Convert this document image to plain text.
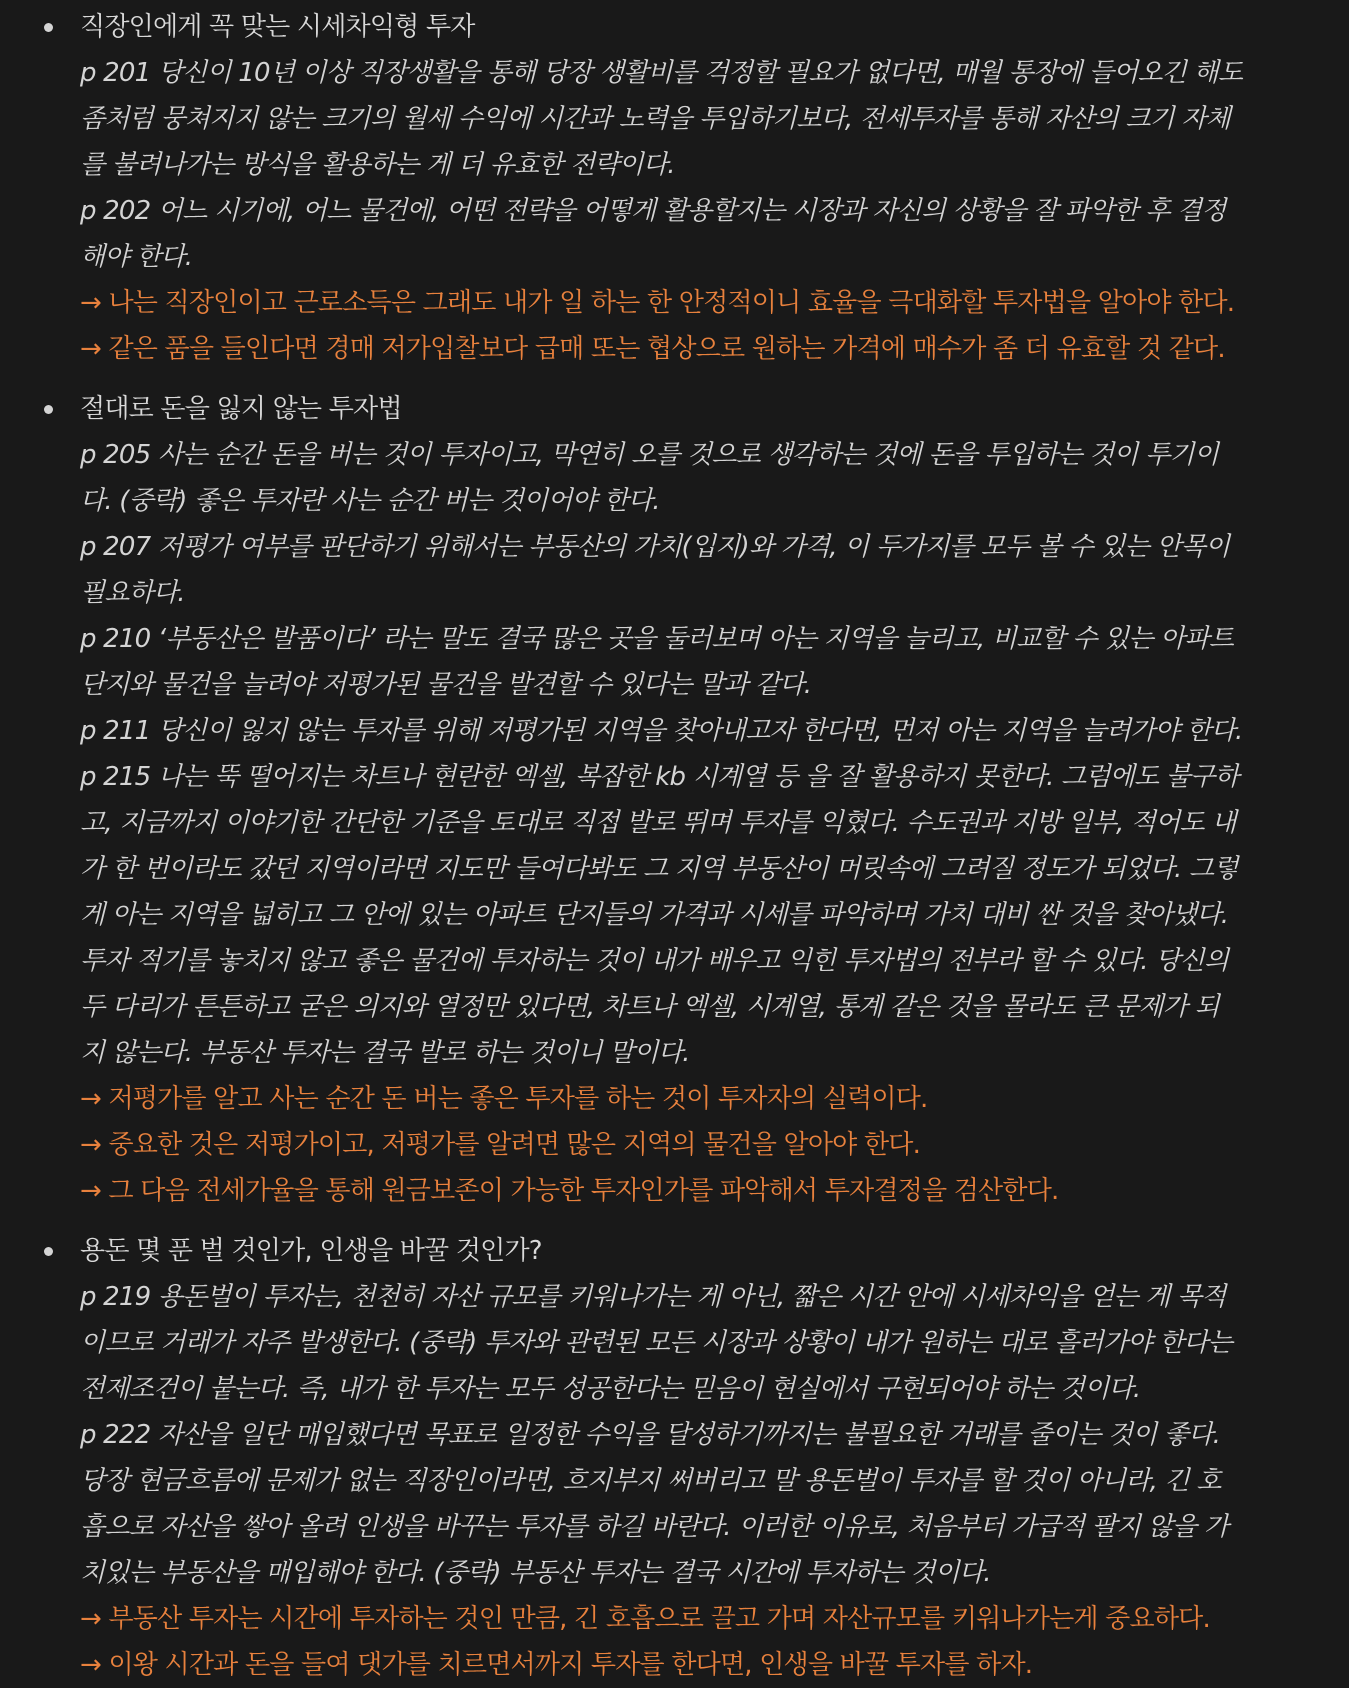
직장인에게 꼭 맞는 시세차익형 투자
p 201 당신이 10년 이상 직장생활을 통해 당장 생활비를 걱정할 필요가 없다면, 매월 통장에 들어오긴 해도
좀처럼 뭉쳐지지 않는 크기의 월세 수익에 시간과 노력을 투입하기보다, 전세투자를 통해 자산의 크기 자체
를 불려나가는 방식을 활용하는 게 더 유효한 전략이다.
p 202 어느 시기에, 어느 물건에, 어떤 전략을 어떻게 활용할지는 시장과 자신의 상황을 잘 파악한 후 결정
해야 한다.
→ 나는 직장인이고 근로소득은 그래도 내가 일 하는 한 안정적이니 효율을 극대화할 투자법을 알아야 한다.
→ 같은 품을 들인다면 경매 저가입찰보다 급매 또는 협상으로 원하는 가격에 매수가 좀 더 유효할 것 같다.
절대로 돈을 잃지 않는 투자법
p 205 사는 순간 돈을 버는 것이 투자이고, 막연히 오를 것으로 생각하는 것에 돈을 투입하는 것이 투기이
다. (중략) 좋은 투자란 사는 순간 버는 것이어야 한다.
p 207 저평가 여부를 판단하기 위해서는 부동산의 가치(입지)와 가격, 이 두가지를 모두 볼 수 있는 안목이
필요하다.
p 210 ‘부동산은 발품이다’ 라는 말도 결국 많은 곳을 둘러보며 아는 지역을 늘리고, 비교할 수 있는 아파트
단지와 물건을 늘려야 저평가된 물건을 발견할 수 있다는 말과 같다.
p 211 당신이 잃지 않는 투자를 위해 저평가된 지역을 찾아내고자 한다면, 먼저 아는 지역을 늘려가야 한다.
p 215 나는 뚝 떨어지는 차트나 현란한 엑셀, 복잡한 kb 시계열 등 을 잘 활용하지 못한다. 그럼에도 불구하
고, 지금까지 이야기한 간단한 기준을 토대로 직접 발로 뛰며 투자를 익혔다. 수도권과 지방 일부, 적어도 내
가 한 번이라도 갔던 지역이라면 지도만 들여다봐도 그 지역 부동산이 머릿속에 그려질 정도가 되었다. 그렇
게 아는 지역을 넓히고 그 안에 있는 아파트 단지들의 가격과 시세를 파악하며 가치 대비 싼 것을 찾아냈다.
투자 적기를 놓치지 않고 좋은 물건에 투자하는 것이 내가 배우고 익힌 투자법의 전부라 할 수 있다. 당신의
두 다리가 튼튼하고 굳은 의지와 열정만 있다면, 차트나 엑셀, 시계열, 통계 같은 것을 몰라도 큰 문제가 되
지 않는다. 부동산 투자는 결국 발로 하는 것이니 말이다.
→ 저평가를 알고 사는 순간 돈 버는 좋은 투자를 하는 것이 투자자의 실력이다.
→ 중요한 것은 저평가이고, 저평가를 알려면 많은 지역의 물건을 알아야 한다.
→ 그 다음 전세가율을 통해 원금보존이 가능한 투자인가를 파악해서 투자결정을 검산한다.
용돈 몇 푼 벌 것인가, 인생을 바꿀 것인가?
p 219 용돈벌이 투자는, 천천히 자산 규모를 키워나가는 게 아닌, 짧은 시간 안에 시세차익을 얻는 게 목적
이므로 거래가 자주 발생한다. (중략) 투자와 관련된 모든 시장과 상황이 내가 원하는 대로 흘러가야 한다는
전제조건이 붙는다. 즉, 내가 한 투자는 모두 성공한다는 믿음이 현실에서 구현되어야 하는 것이다.
p 222 자산을 일단 매입했다면 목표로 일정한 수익을 달성하기까지는 불필요한 거래를 줄이는 것이 좋다.
당장 현금흐름에 문제가 없는 직장인이라면, 흐지부지 써버리고 말 용돈벌이 투자를 할 것이 아니라, 긴 호
흡으로 자산을 쌓아 올려 인생을 바꾸는 투자를 하길 바란다. 이러한 이유로, 처음부터 가급적 팔지 않을 가
치있는 부동산을 매입해야 한다. (중략) 부동산 투자는 결국 시간에 투자하는 것이다.
→ 부동산 투자는 시간에 투자하는 것인 만큼, 긴 호흡으로 끌고 가며 자산규모를 키워나가는게 중요하다.
→ 이왕 시간과 돈을 들여 댓가를 치르면서까지 투자를 한다면, 인생을 바꿀 투자를 하자.
